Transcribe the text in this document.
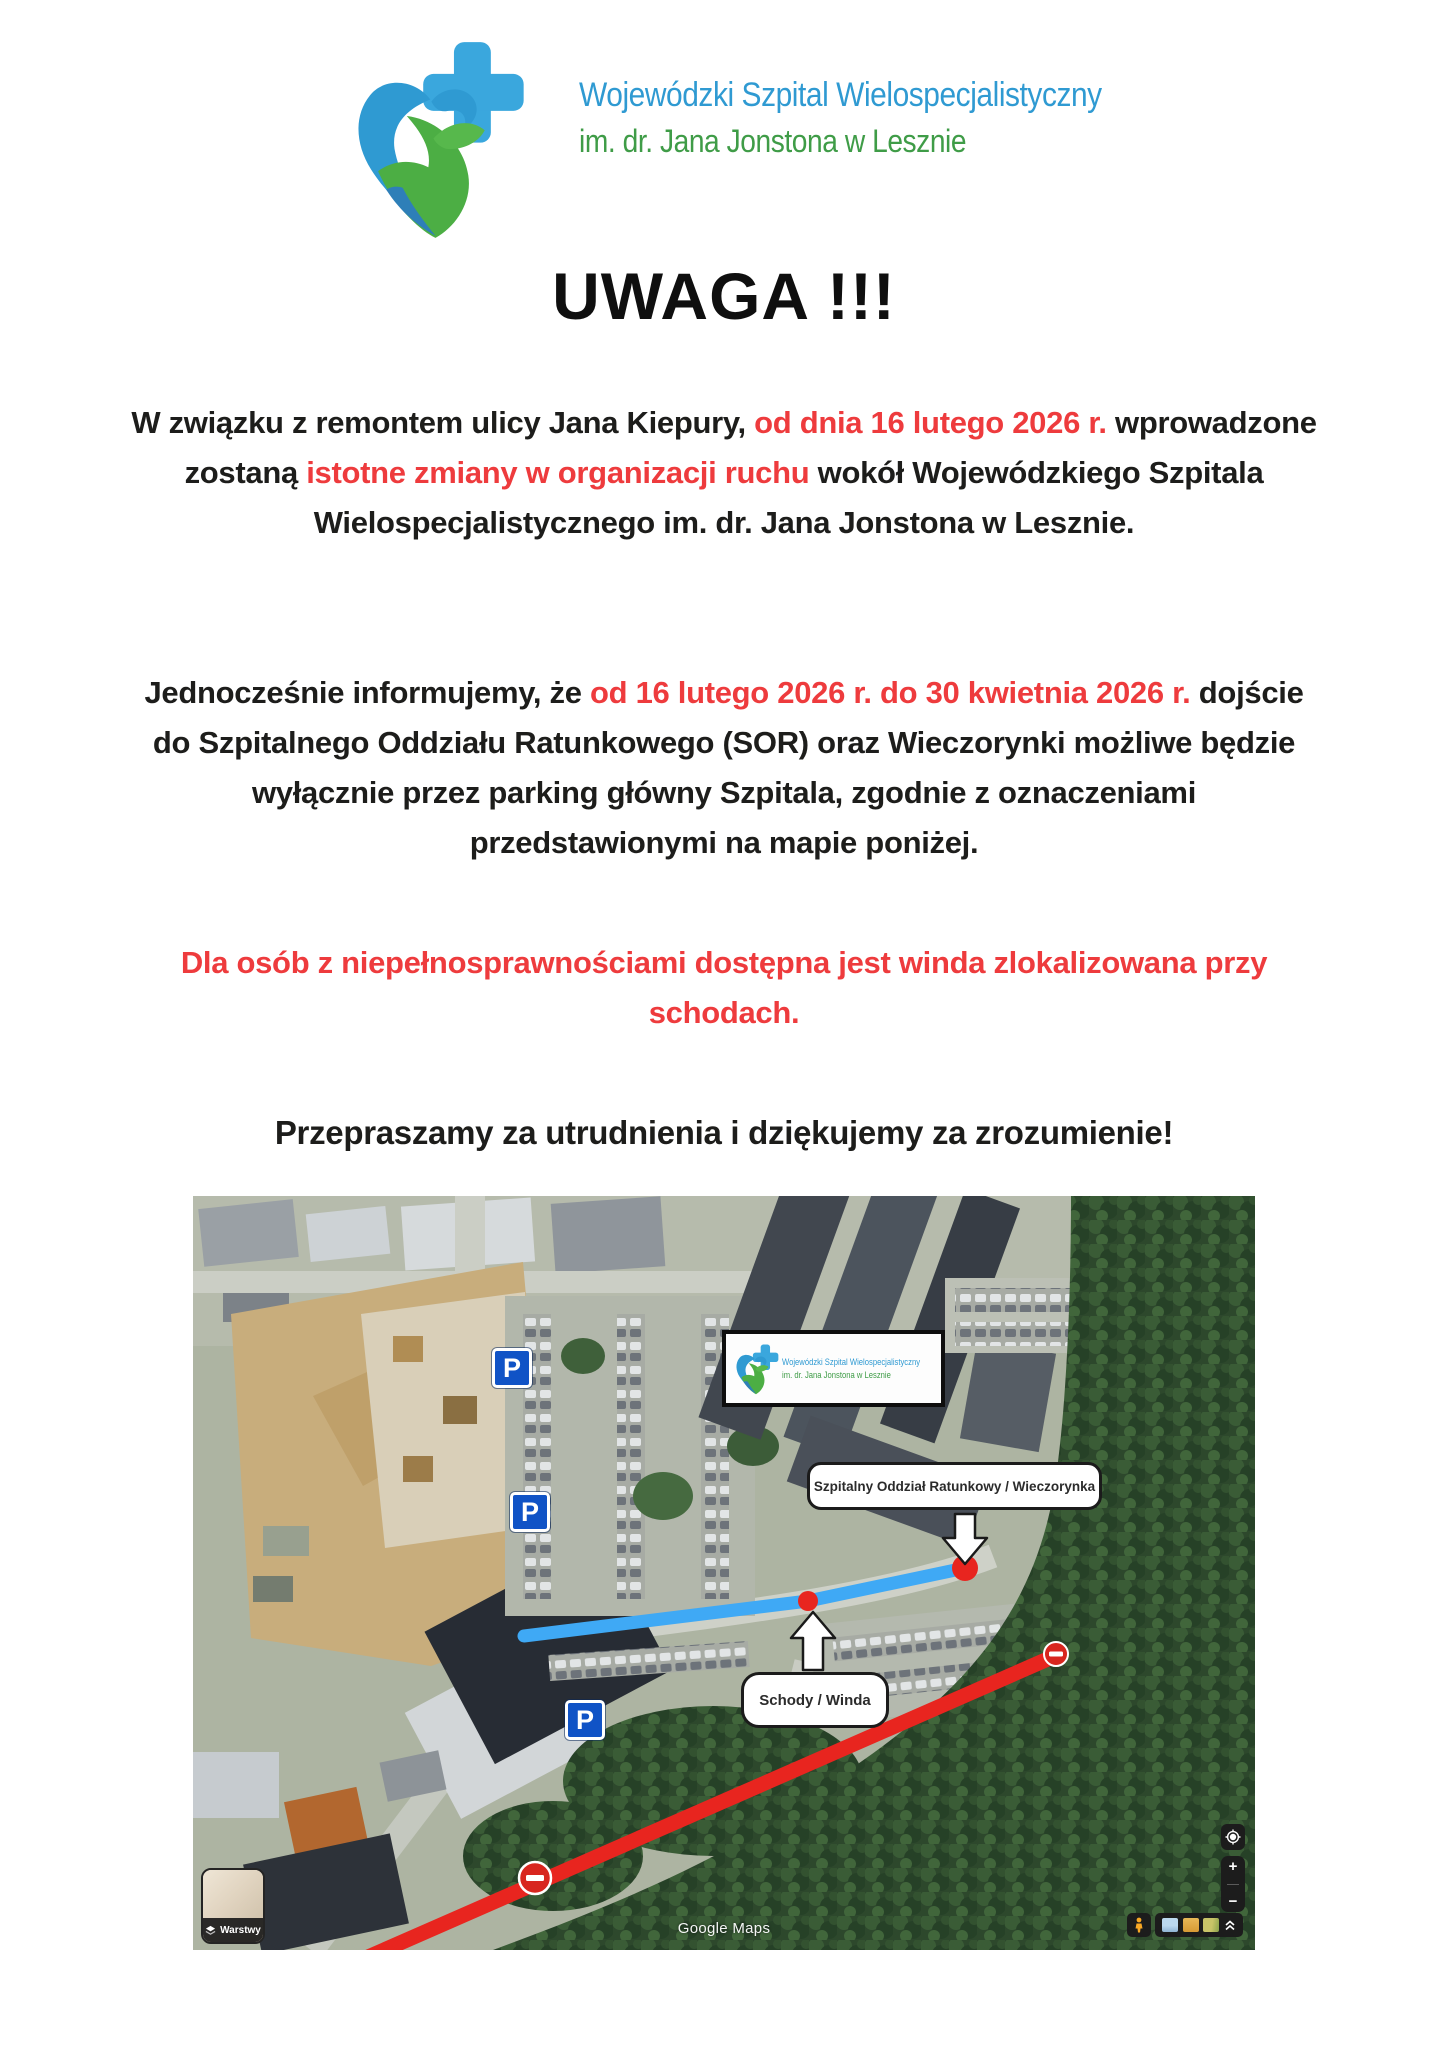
Wojewódzki Szpital Wielospecjalistyczny
im. dr. Jana Jonstona w Lesznie
UWAGA !!!

W związku z remontem ulicy Jana Kiepury, od dnia 16 lutego 2026 r. wprowadzone zostaną istotne zmiany w organizacji ruchu wokół Wojewódzkiego Szpitala Wielospecjalistycznego im. dr. Jana Jonstona w Lesznie.

Jednocześnie informujemy, że od 16 lutego 2026 r. do 30 kwietnia 2026 r. dojście do Szpitalnego Oddziału Ratunkowego (SOR) oraz Wieczorynki możliwe będzie wyłącznie przez parking główny Szpitala, zgodnie z oznaczeniami przedstawionymi na mapie poniżej.

Dla osób z niepełnosprawnościami dostępna jest winda zlokalizowana przy schodach.

Przepraszamy za utrudnienia i dziękujemy za zrozumienie!

P
P
P
Wojewódzki Szpital Wielospecjalistyczny
im. dr. Jana Jonstona w Lesznie
Szpitalny Oddział Ratunkowy / Wieczorynka
Schody / Winda
Warstwy	Google Maps
+
−
